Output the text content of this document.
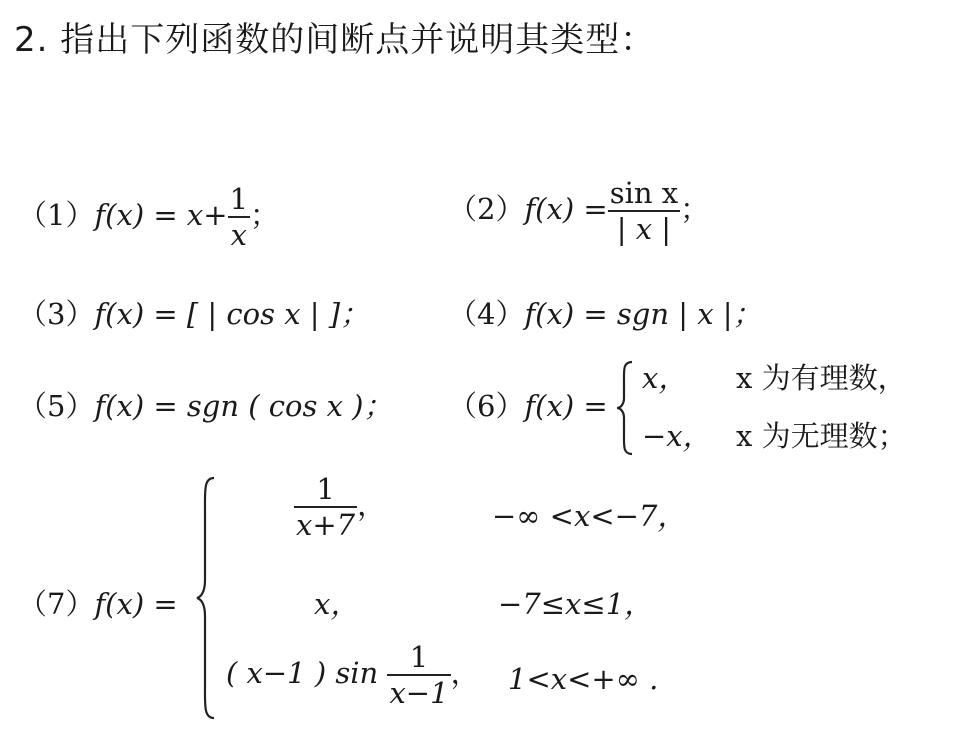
2. 指出下列函数的间断点并说明其类型：
$(1)f(x) = x+ \frac{1}{x}$ ；	$(2)f(x) = \frac{\text{sin x}}{| x |}$ ；
（3）f(x) = [ | cos x | ]；	（4）f(x) = sgn | x |；
（5）f(x) = sgn ( cos x )； （6）f(x) =
x， x 为有理数，
−x， x 为无理数；
（7）f(x) =
$\frac{1}{x+7}$ ，	−∞ <x<−7，
x，	−7≤x≤1，
( x−1 ) $\sin \frac{1}{x-1}$ ， 1<x<+∞ .
